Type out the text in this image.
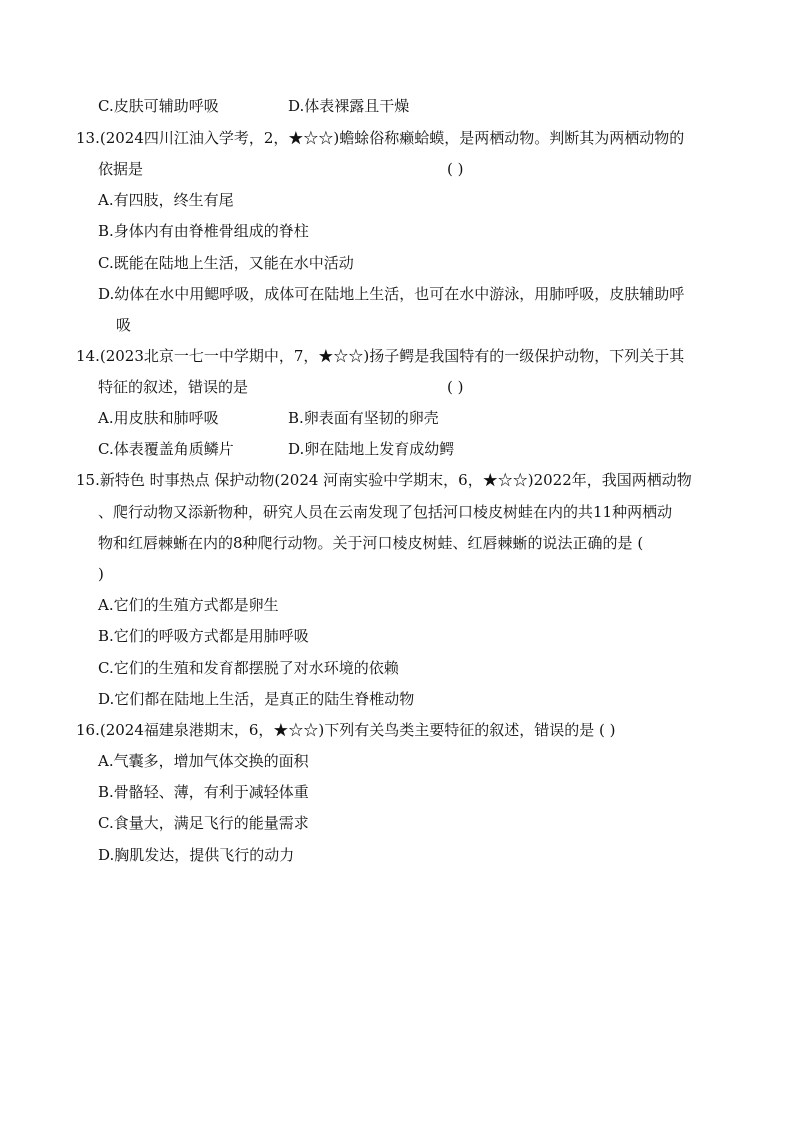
C.皮肤可辅助呼吸	D.体表裸露且干燥
13.(2024四川江油入学考，2，★☆☆)蟾蜍俗称癞蛤蟆，是两栖动物。判断其为两栖动物的
依据是	( )
A.有四肢，终生有尾
B.身体内有由脊椎骨组成的脊柱
C.既能在陆地上生活，又能在水中活动
D.幼体在水中用鳃呼吸，成体可在陆地上生活，也可在水中游泳，用肺呼吸，皮肤辅助呼
吸
14.(2023北京一七一中学期中，7，★☆☆)扬子鳄是我国特有的一级保护动物，下列关于其
特征的叙述，错误的是	( )
A.用皮肤和肺呼吸	B.卵表面有坚韧的卵壳
C.体表覆盖角质鳞片	D.卵在陆地上发育成幼鳄
15.新特色 时事热点 保护动物(2024 河南实验中学期末，6，★☆☆)2022年，我国两栖动物
、爬行动物又添新物种，研究人员在云南发现了包括河口棱皮树蛙在内的共11种两栖动
物和红唇棘蜥在内的8种爬行动物。关于河口棱皮树蛙、红唇棘蜥的说法正确的是 (
)
A.它们的生殖方式都是卵生
B.它们的呼吸方式都是用肺呼吸
C.它们的生殖和发育都摆脱了对水环境的依赖
D.它们都在陆地上生活，是真正的陆生脊椎动物
16.(2024福建泉港期末，6，★☆☆)下列有关鸟类主要特征的叙述，错误的是 ( )
A.气囊多，增加气体交换的面积
B.骨骼轻、薄，有利于减轻体重
C.食量大，满足飞行的能量需求
D.胸肌发达，提供飞行的动力
